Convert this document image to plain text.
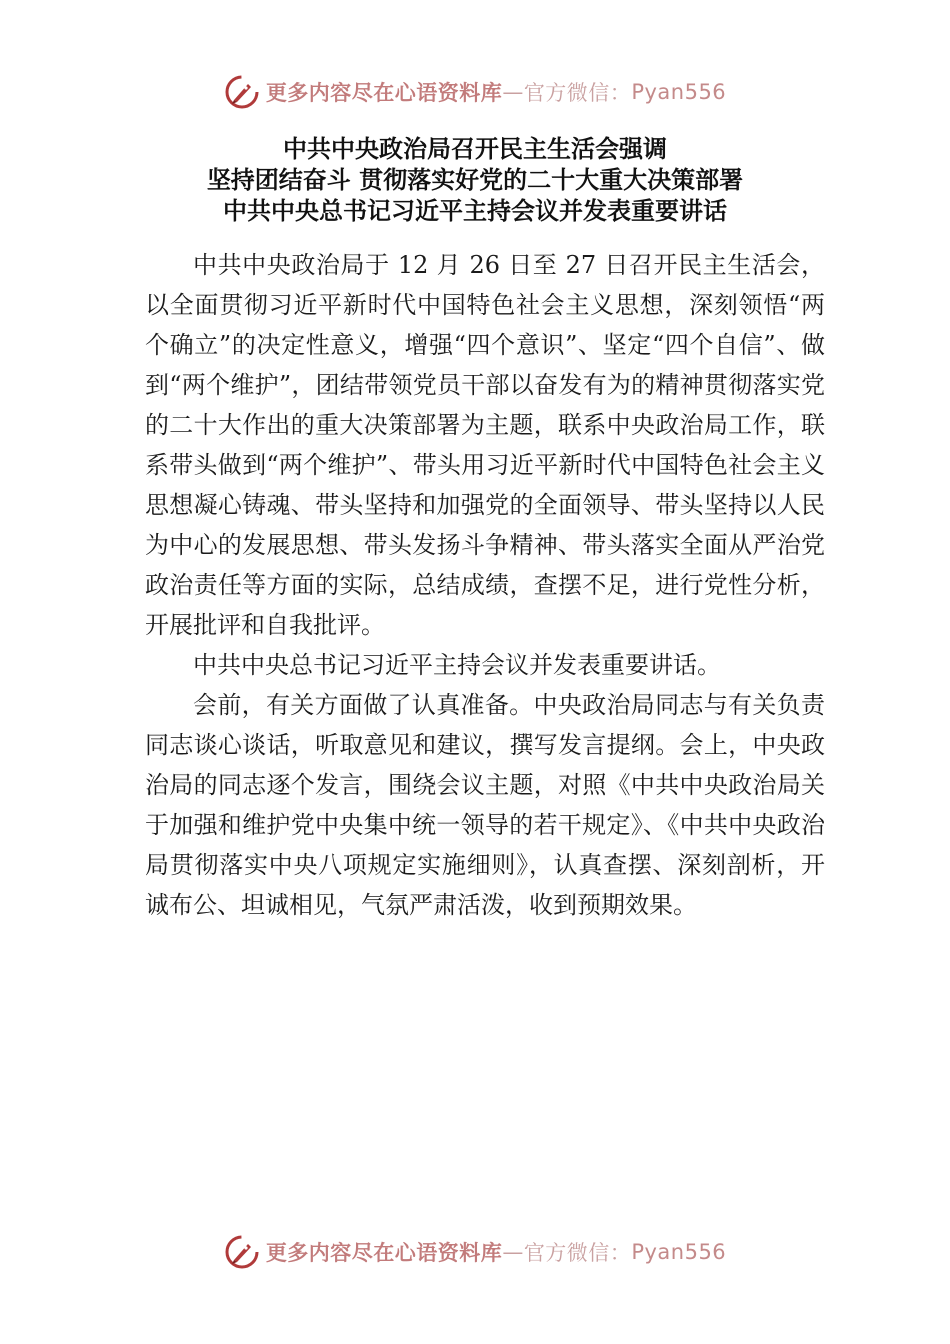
更多内容尽在心语资料库 — 官方微信： Pyan556
中共中央政治局召开民主生活会强调
坚持团结奋斗 贯彻落实好党的二十大重大决策部署
中共中央总书记习近平主持会议并发表重要讲话

中共中央政治局于 12 月 26 日至 27 日召开民主生活会，以全面贯彻习近平新时代中国特色社会主义思想，深刻领悟“两个确立”的决定性意义，增强“四个意识”、坚定“四个自信”、做到“两个维护”，团结带领党员干部以奋发有为的精神贯彻落实党的二十大作出的重大决策部署为主题，联系中央政治局工作，联系带头做到“两个维护”、带头用习近平新时代中国特色社会主义思想凝心铸魂、带头坚持和加强党的全面领导、带头坚持以人民为中心的发展思想、带头发扬斗争精神、带头落实全面从严治党政治责任等方面的实际，总结成绩，查摆不足，进行党性分析，开展批评和自我批评。

中共中央总书记习近平主持会议并发表重要讲话。

会前，有关方面做了认真准备。中央政治局同志与有关负责同志谈心谈话，听取意见和建议，撰写发言提纲。会上，中央政治局的同志逐个发言，围绕会议主题，对照《中共中央政治局关于加强和维护党中央集中统一领导的若干规定》、《中共中央政治局贯彻落实中央八项规定实施细则》，认真查摆、深刻剖析，开诚布公、坦诚相见，气氛严肃活泼，收到预期效果。

更多内容尽在心语资料库 — 官方微信： Pyan556
